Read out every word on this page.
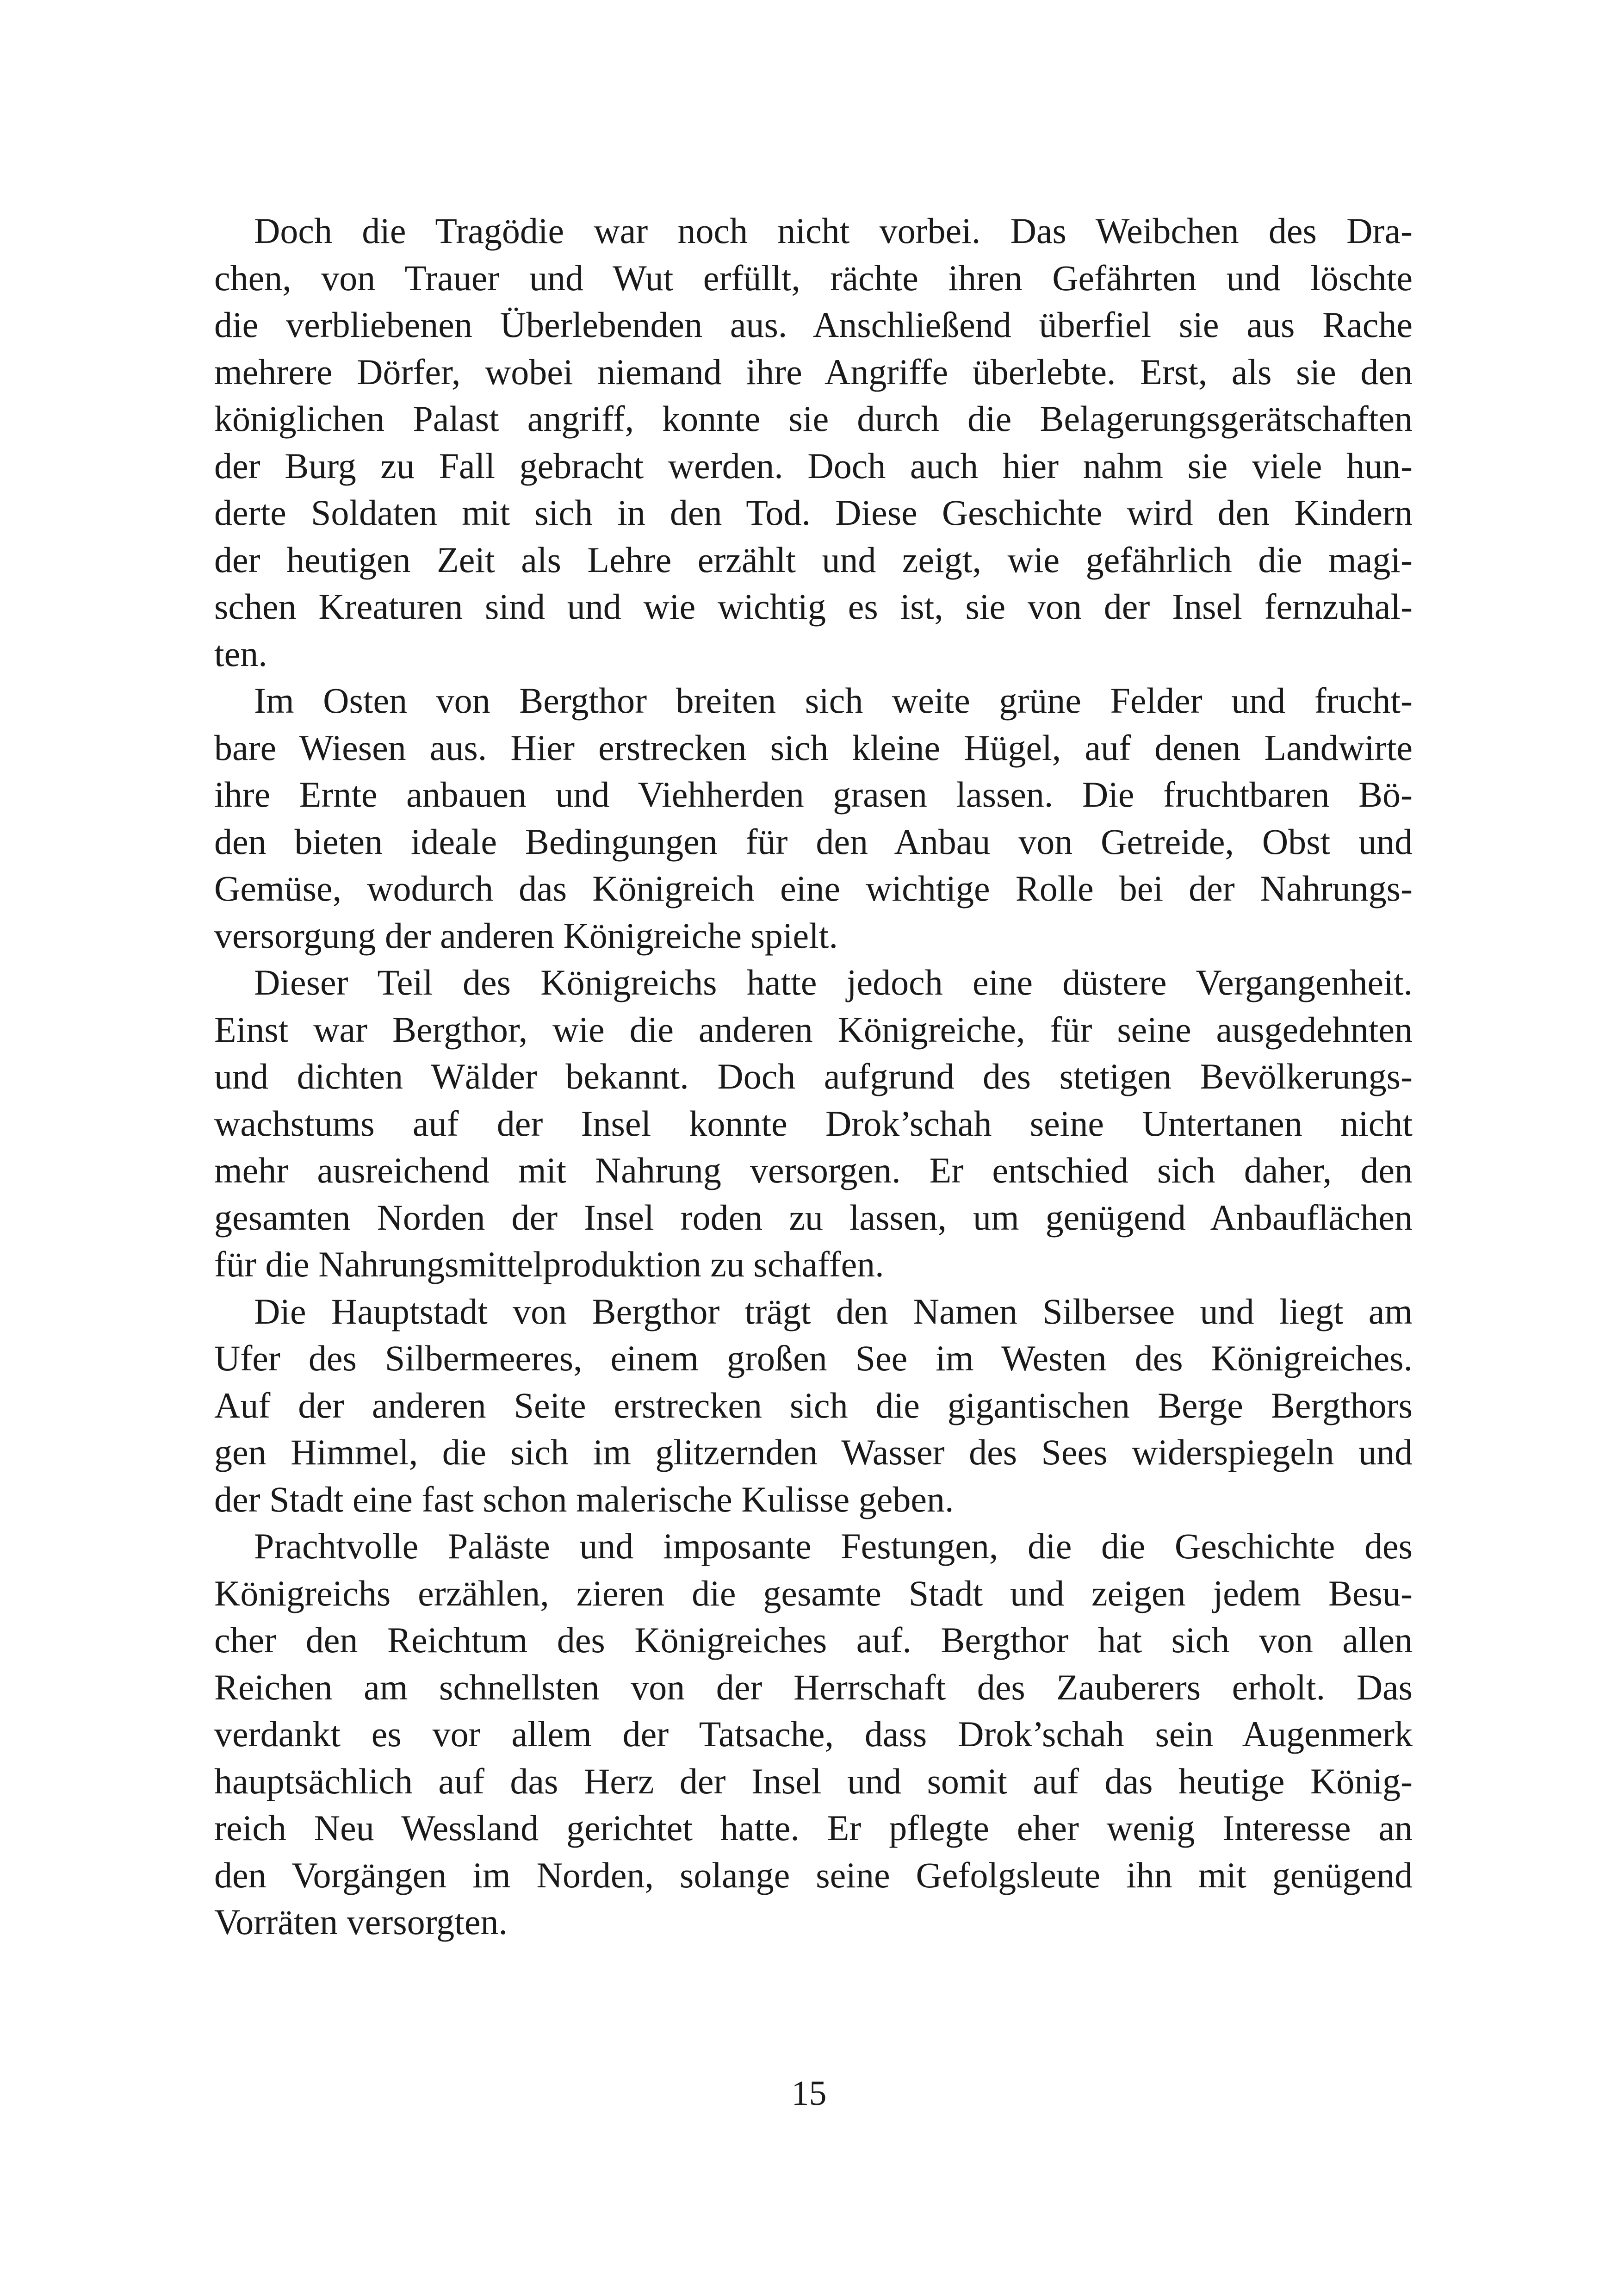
Doch die Tragödie war noch nicht vorbei. Das Weibchen des Dra-
chen, von Trauer und Wut erfüllt, rächte ihren Gefährten und löschte
die verbliebenen Überlebenden aus. Anschließend überfiel sie aus Rache
mehrere Dörfer, wobei niemand ihre Angriffe überlebte. Erst, als sie den
königlichen Palast angriff, konnte sie durch die Belagerungsgerätschaften
der Burg zu Fall gebracht werden. Doch auch hier nahm sie viele hun-
derte Soldaten mit sich in den Tod. Diese Geschichte wird den Kindern
der heutigen Zeit als Lehre erzählt und zeigt, wie gefährlich die magi-
schen Kreaturen sind und wie wichtig es ist, sie von der Insel fernzuhal-
ten.
Im Osten von Bergthor breiten sich weite grüne Felder und frucht-
bare Wiesen aus. Hier erstrecken sich kleine Hügel, auf denen Landwirte
ihre Ernte anbauen und Viehherden grasen lassen. Die fruchtbaren Bö-
den bieten ideale Bedingungen für den Anbau von Getreide, Obst und
Gemüse, wodurch das Königreich eine wichtige Rolle bei der Nahrungs-
versorgung der anderen Königreiche spielt.
Dieser Teil des Königreichs hatte jedoch eine düstere Vergangenheit.
Einst war Bergthor, wie die anderen Königreiche, für seine ausgedehnten
und dichten Wälder bekannt. Doch aufgrund des stetigen Bevölkerungs-
wachstums auf der Insel konnte Drok’schah seine Untertanen nicht
mehr ausreichend mit Nahrung versorgen. Er entschied sich daher, den
gesamten Norden der Insel roden zu lassen, um genügend Anbauflächen
für die Nahrungsmittelproduktion zu schaffen.
Die Hauptstadt von Bergthor trägt den Namen Silbersee und liegt am
Ufer des Silbermeeres, einem großen See im Westen des Königreiches.
Auf der anderen Seite erstrecken sich die gigantischen Berge Bergthors
gen Himmel, die sich im glitzernden Wasser des Sees widerspiegeln und
der Stadt eine fast schon malerische Kulisse geben.
Prachtvolle Paläste und imposante Festungen, die die Geschichte des
Königreichs erzählen, zieren die gesamte Stadt und zeigen jedem Besu-
cher den Reichtum des Königreiches auf. Bergthor hat sich von allen
Reichen am schnellsten von der Herrschaft des Zauberers erholt. Das
verdankt es vor allem der Tatsache, dass Drok’schah sein Augenmerk
hauptsächlich auf das Herz der Insel und somit auf das heutige König-
reich Neu Wessland gerichtet hatte. Er pflegte eher wenig Interesse an
den Vorgängen im Norden, solange seine Gefolgsleute ihn mit genügend
Vorräten versorgten.
15
